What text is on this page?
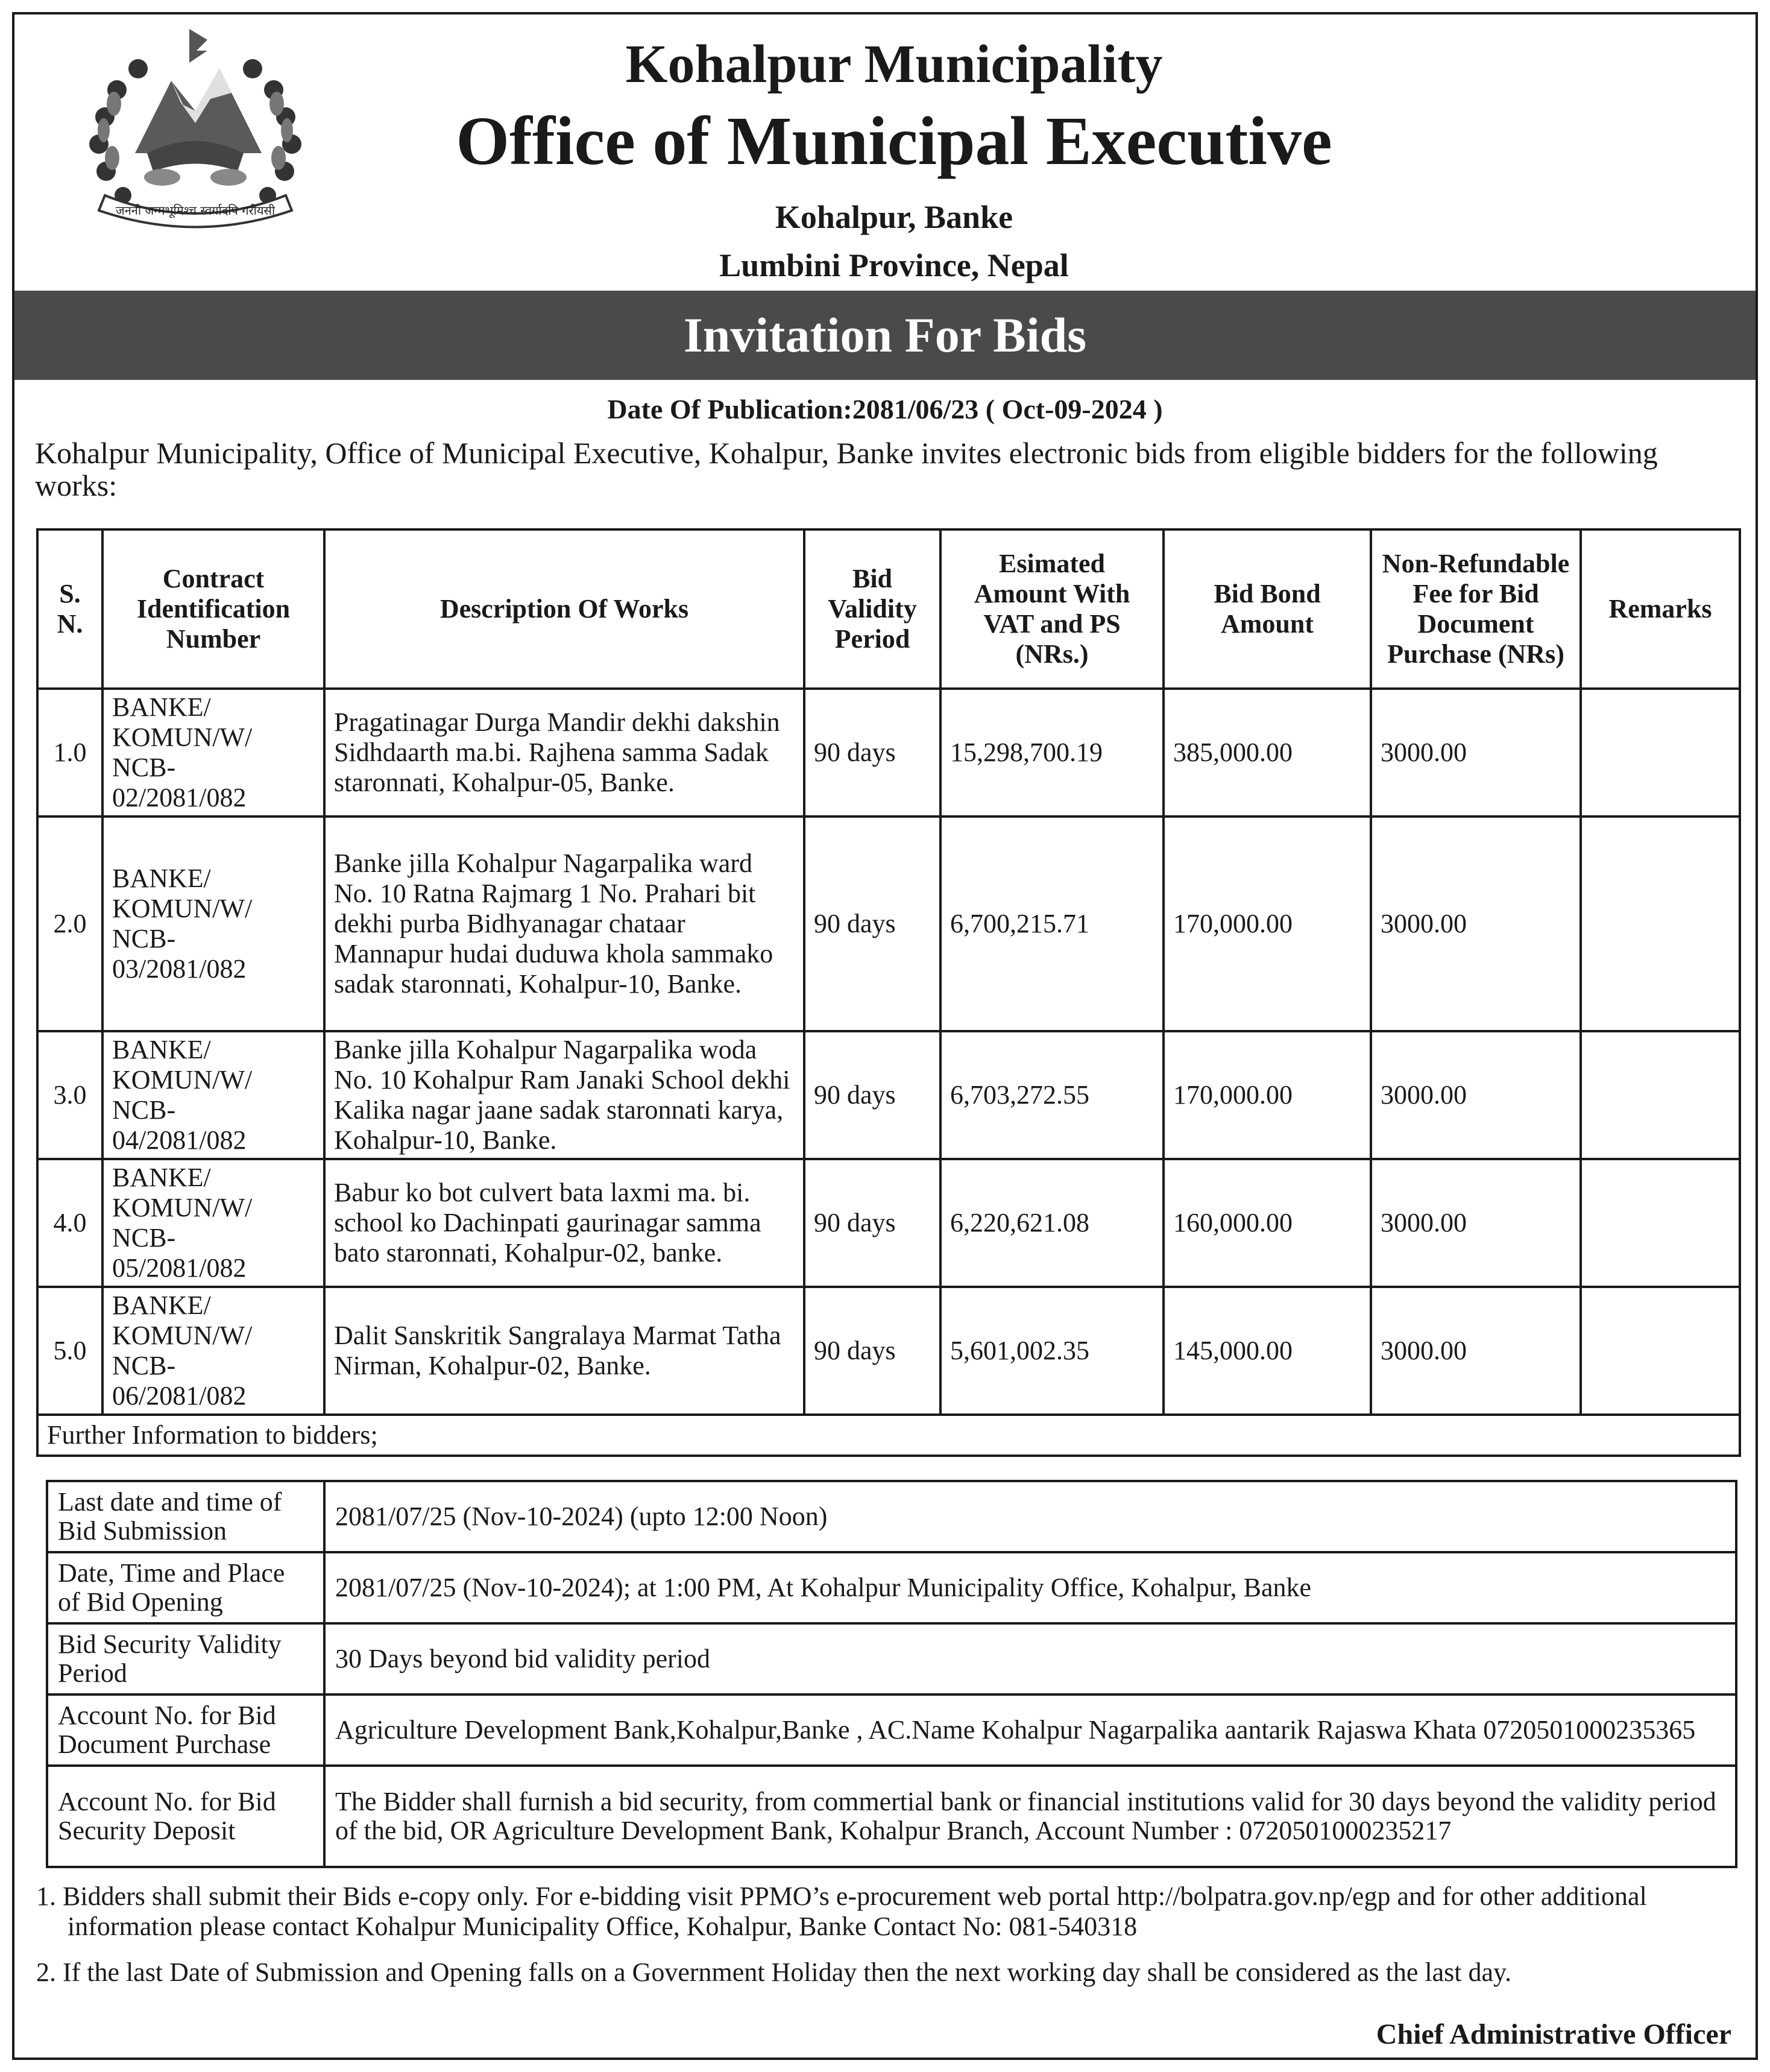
जननी जन्मभूमिश्च स्वर्गादपि गरीयसी
Kohalpur Municipality
Office of Municipal Executive
Kohalpur, Banke
Lumbini Province, Nepal
Invitation For Bids
Date Of Publication:2081/06/23 ( Oct-09-2024 )
Kohalpur Municipality, Office of Municipal Executive, Kohalpur, Banke invites electronic bids from eligible bidders for the following works:
S. N.	Contract Identification Number	Description Of Works	Bid Validity Period	Esimated Amount With VAT and PS (NRs.)	Bid Bond Amount	Non-Refundable Fee for Bid Document Purchase (NRs)	Remarks
1.0	BANKE/ KOMUN/W/ NCB- 02/2081/082	Pragatinagar Durga Mandir dekhi dakshin Sidhdaarth ma.bi. Rajhena samma Sadak staronnati, Kohalpur-05, Banke.	90 days	15,298,700.19	385,000.00	3000.00	
2.0	BANKE/ KOMUN/W/ NCB- 03/2081/082	Banke jilla Kohalpur Nagarpalika ward No. 10 Ratna Rajmarg 1 No. Prahari bit dekhi purba Bidhyanagar chataar Mannapur hudai duduwa khola sammako sadak staronnati, Kohalpur-10, Banke.	90 days	6,700,215.71	170,000.00	3000.00	
3.0	BANKE/ KOMUN/W/ NCB- 04/2081/082	Banke jilla Kohalpur Nagarpalika woda No. 10 Kohalpur Ram Janaki School dekhi Kalika nagar jaane sadak staronnati karya, Kohalpur-10, Banke.	90 days	6,703,272.55	170,000.00	3000.00	
4.0	BANKE/ KOMUN/W/ NCB- 05/2081/082	Babur ko bot culvert bata laxmi ma. bi. school ko Dachinpati gaurinagar samma bato staronnati, Kohalpur-02, banke.	90 days	6,220,621.08	160,000.00	3000.00	
5.0	BANKE/ KOMUN/W/ NCB- 06/2081/082	Dalit Sanskritik Sangralaya Marmat Tatha Nirman, Kohalpur-02, Banke.	90 days	5,601,002.35	145,000.00	3000.00	
Further Information to bidders;							
Last date and time of Bid Submission	2081/07/25 (Nov-10-2024) (upto 12:00 Noon)
Date, Time and Place of Bid Opening	2081/07/25 (Nov-10-2024); at 1:00 PM, At Kohalpur Municipality Office, Kohalpur, Banke
Bid Security Validity Period	30 Days beyond bid validity period
Account No. for Bid Document Purchase	Agriculture Development Bank,Kohalpur,Banke , AC.Name Kohalpur Nagarpalika aantarik Rajaswa Khata 0720501000235365
Account No. for Bid Security Deposit	The Bidder shall furnish a bid security, from commertial bank or financial institutions valid for 30 days beyond the validity period of the bid, OR Agriculture Development Bank, Kohalpur Branch, Account Number : 0720501000235217
1. Bidders shall submit their Bids e-copy only. For e-bidding visit PPMO’s e-procurement web portal http://bolpatra.gov.np/egp and for other additional information please contact Kohalpur Municipality Office, Kohalpur, Banke Contact No: 081-540318
2. If the last Date of Submission and Opening falls on a Government Holiday then the next working day shall be considered as the last day.
Chief Administrative Officer
